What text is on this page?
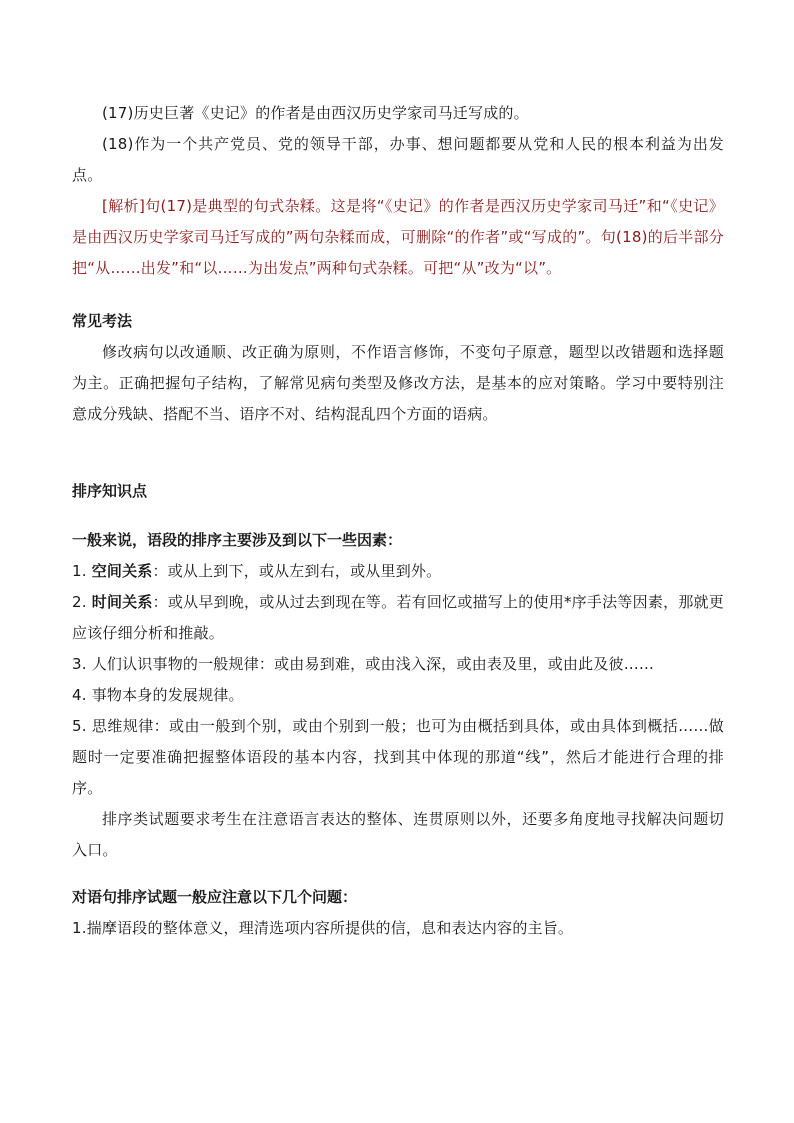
(17)历史巨著《史记》的作者是由西汉历史学家司马迁写成的。

(18)作为一个共产党员、党的领导干部，办事、想问题都要从党和人民的根本利益为出发点。

[解析]句(17)是典型的句式杂糅。这是将“《史记》的作者是西汉历史学家司马迁”和“《史记》是由西汉历史学家司马迁写成的”两句杂糅而成，可删除“的作者”或“写成的”。句(18)的后半部分把“从……出发”和“以……为出发点”两种句式杂糅。可把“从”改为“以”。

常见考法

修改病句以改通顺、改正确为原则，不作语言修饰，不变句子原意，题型以改错题和选择题为主。正确把握句子结构，了解常见病句类型及修改方法，是基本的应对策略。学习中要特别注意成分残缺、搭配不当、语序不对、结构混乱四个方面的语病。

排序知识点

一般来说，语段的排序主要涉及到以下一些因素：

1. 空间关系：或从上到下，或从左到右，或从里到外。

2. 时间关系：或从早到晚，或从过去到现在等。若有回忆或描写上的使用*序手法等因素，那就更应该仔细分析和推敲。

3. 人们认识事物的一般规律：或由易到难，或由浅入深，或由表及里，或由此及彼……

4. 事物本身的发展规律。

5. 思维规律：或由一般到个别，或由个别到一般；也可为由概括到具体，或由具体到概括……做题时一定要准确把握整体语段的基本内容，找到其中体现的那道“线”，然后才能进行合理的排序。

排序类试题要求考生在注意语言表达的整体、连贯原则以外，还要多角度地寻找解决问题切入口。

对语句排序试题一般应注意以下几个问题：

1.揣摩语段的整体意义，理清选项内容所提供的信，息和表达内容的主旨。
